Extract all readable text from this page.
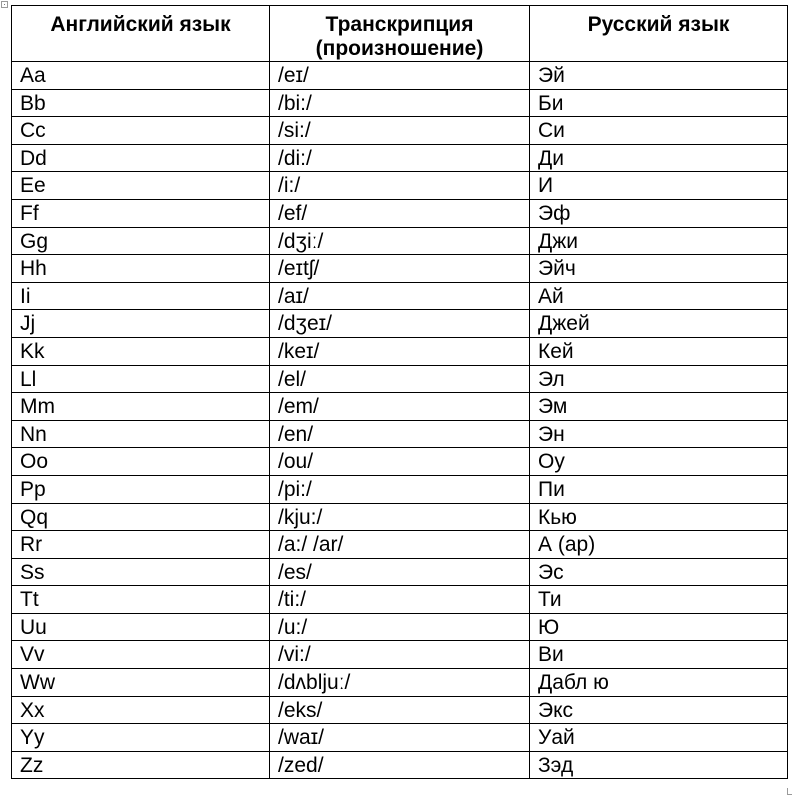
Английский язык	Транскрипция (произношение)	Русский язык
Aa	/eɪ/	Эй
Bb	/bi:/	Би
Cc	/si:/	Си
Dd	/di:/	Ди
Ee	/i:/	И
Ff	/ef/	Эф
Gg	/dʒiː/	Джи
Hh	/eɪtʃ/	Эйч
Ii	/aɪ/	Ай
Jj	/dʒeɪ/	Джей
Kk	/keɪ/	Кей
Ll	/el/	Эл
Mm	/em/	Эм
Nn	/en/	Эн
Oo	/ou/	Оу
Pp	/pi:/	Пи
Qq	/kju:/	Кью
Rr	/a:/ /ar/	А (ар)
Ss	/es/	Эс
Tt	/ti:/	Ти
Uu	/u:/	Ю
Vv	/vi:/	Ви
Ww	/dʌbljuː/	Дабл ю
Xx	/eks/	Экс
Yy	/waɪ/	Уай
Zz	/zed/	Зэд
